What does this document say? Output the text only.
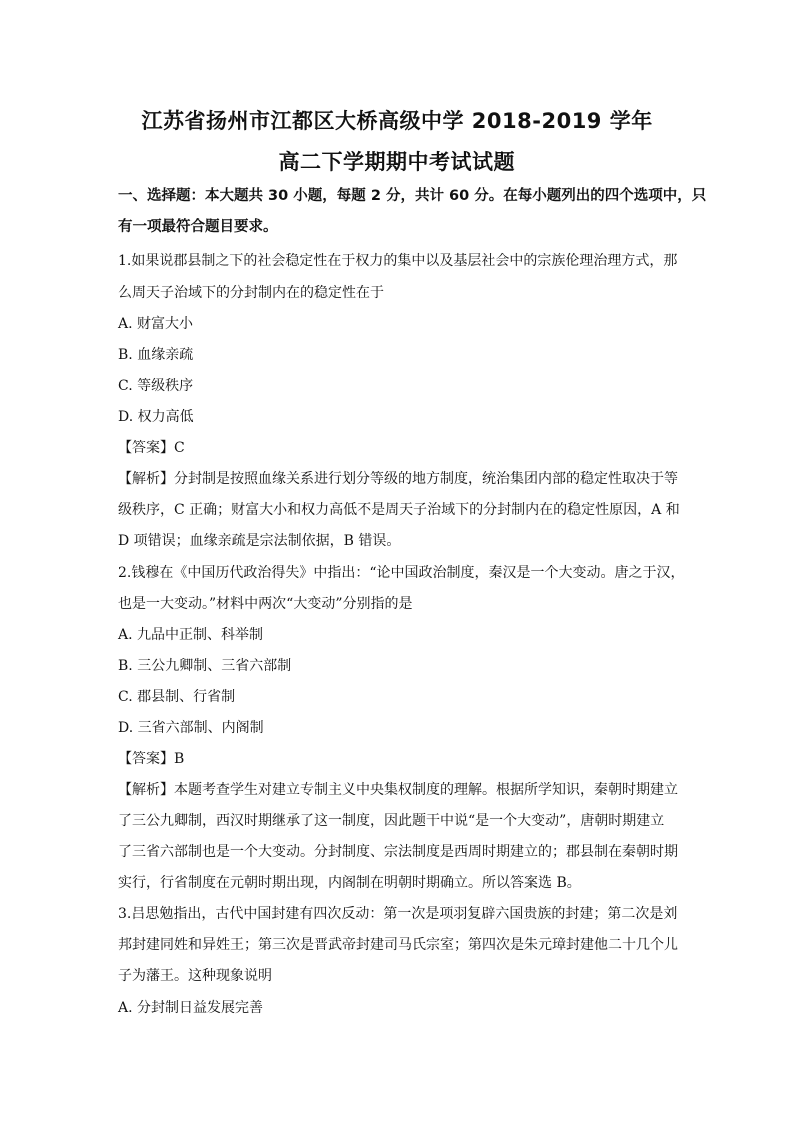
江苏省扬州市江都区大桥高级中学 2018-2019 学年
高二下学期期中考试试题
一、选择题：本大题共 30 小题，每题 2 分，共计 60 分。在每小题列出的四个选项中，只
有一项最符合题目要求。
1.如果说郡县制之下的社会稳定性在于权力的集中以及基层社会中的宗族伦理治理方式，那
么周天子治域下的分封制内在的稳定性在于
A. 财富大小
B. 血缘亲疏
C. 等级秩序
D. 权力高低
【答案】C
【解析】分封制是按照血缘关系进行划分等级的地方制度，统治集团内部的稳定性取决于等
级秩序，C 正确；财富大小和权力高低不是周天子治域下的分封制内在的稳定性原因，A 和
D 项错误；血缘亲疏是宗法制依据，B 错误。
2.钱穆在《中国历代政治得失》中指出：“论中国政治制度，秦汉是一个大变动。唐之于汉，
也是一大变动。”材料中两次“大变动”分别指的是
A. 九品中正制、科举制
B. 三公九卿制、三省六部制
C. 郡县制、行省制
D. 三省六部制、内阁制
【答案】B
【解析】本题考查学生对建立专制主义中央集权制度的理解。根据所学知识，秦朝时期建立
了三公九卿制，西汉时期继承了这一制度，因此题干中说“是一个大变动”，唐朝时期建立
了三省六部制也是一个大变动。分封制度、宗法制度是西周时期建立的；郡县制在秦朝时期
实行，行省制度在元朝时期出现，内阁制在明朝时期确立。所以答案选 B。
3.吕思勉指出，古代中国封建有四次反动：第一次是项羽复辟六国贵族的封建；第二次是刘
邦封建同姓和异姓王；第三次是晋武帝封建司马氏宗室；第四次是朱元璋封建他二十几个儿
子为藩王。这种现象说明
A. 分封制日益发展完善
